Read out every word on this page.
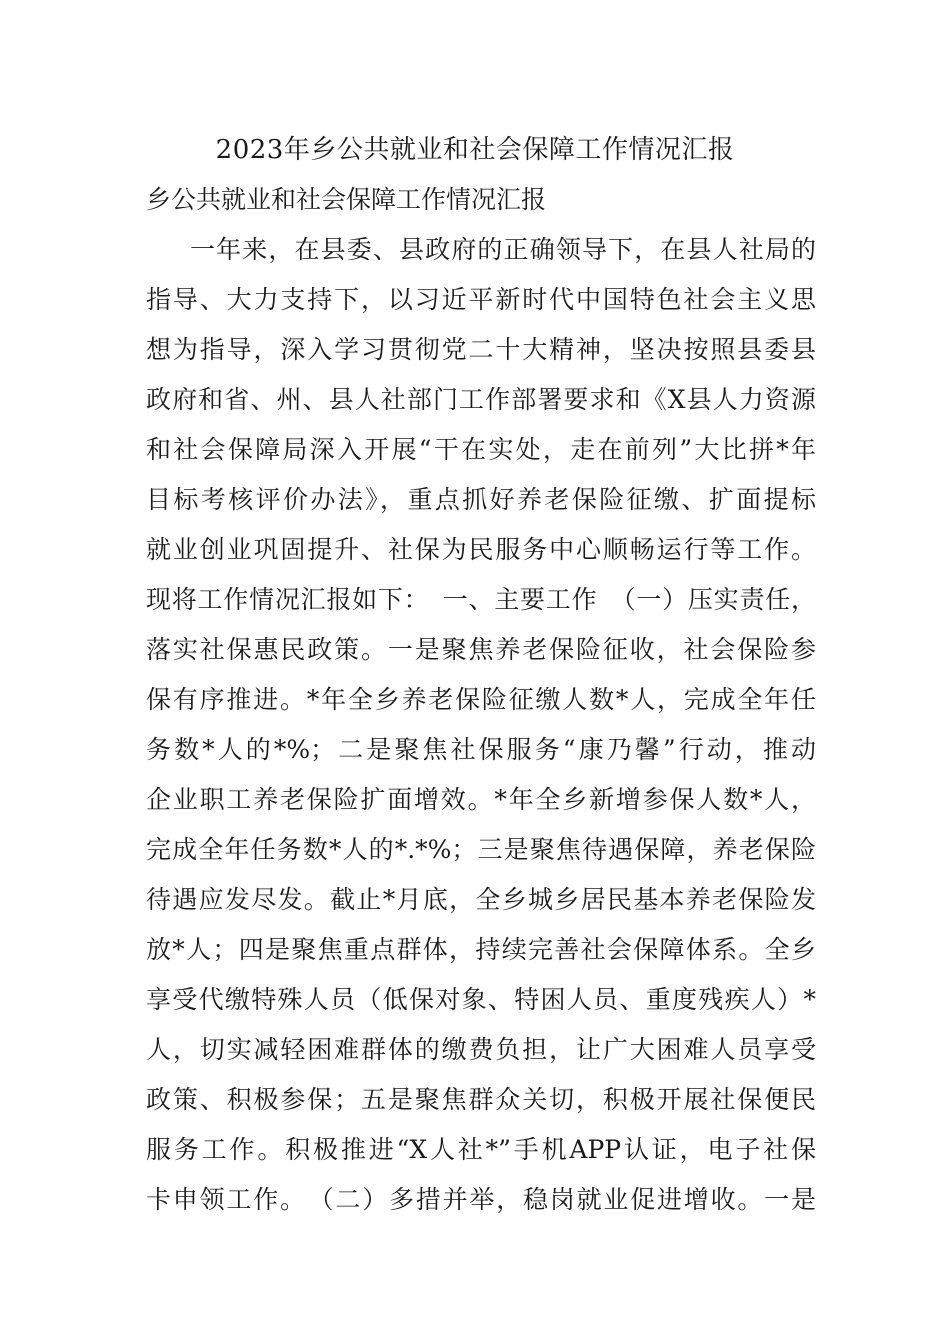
2023年乡公共就业和社会保障工作情况汇报
乡公共就业和社会保障工作情况汇报
一年来，在县委、县政府的正确领导下，在县人社局的
指导、大力支持下，以习近平新时代中国特色社会主义思
想为指导，深入学习贯彻党二十大精神，坚决按照县委县
政府和省、州、县人社部门工作部署要求和《X县人力资源
和社会保障局深入开展“干在实处，走在前列”大比拼*年
目标考核评价办法》，重点抓好养老保险征缴、扩面提标
就业创业巩固提升、社保为民服务中心顺畅运行等工作。
现将工作情况汇报如下：　一、主要工作　（一）压实责任，
落实社保惠民政策。一是聚焦养老保险征收，社会保险参
保有序推进。*年全乡养老保险征缴人数*人，完成全年任
务数*人的*%；二是聚焦社保服务“康乃馨”行动，推动
企业职工养老保险扩面增效。*年全乡新增参保人数*人，
完成全年任务数*人的*.*%；三是聚焦待遇保障，养老保险
待遇应发尽发。截止*月底，全乡城乡居民基本养老保险发
放*人；四是聚焦重点群体，持续完善社会保障体系。全乡
享受代缴特殊人员（低保对象、特困人员、重度残疾人）*
人，切实减轻困难群体的缴费负担，让广大困难人员享受
政策、积极参保；五是聚焦群众关切，积极开展社保便民
服务工作。积极推进“X人社*”手机APP认证，电子社保
卡申领工作。　（二）多措并举，稳岗就业促进增收。一是
